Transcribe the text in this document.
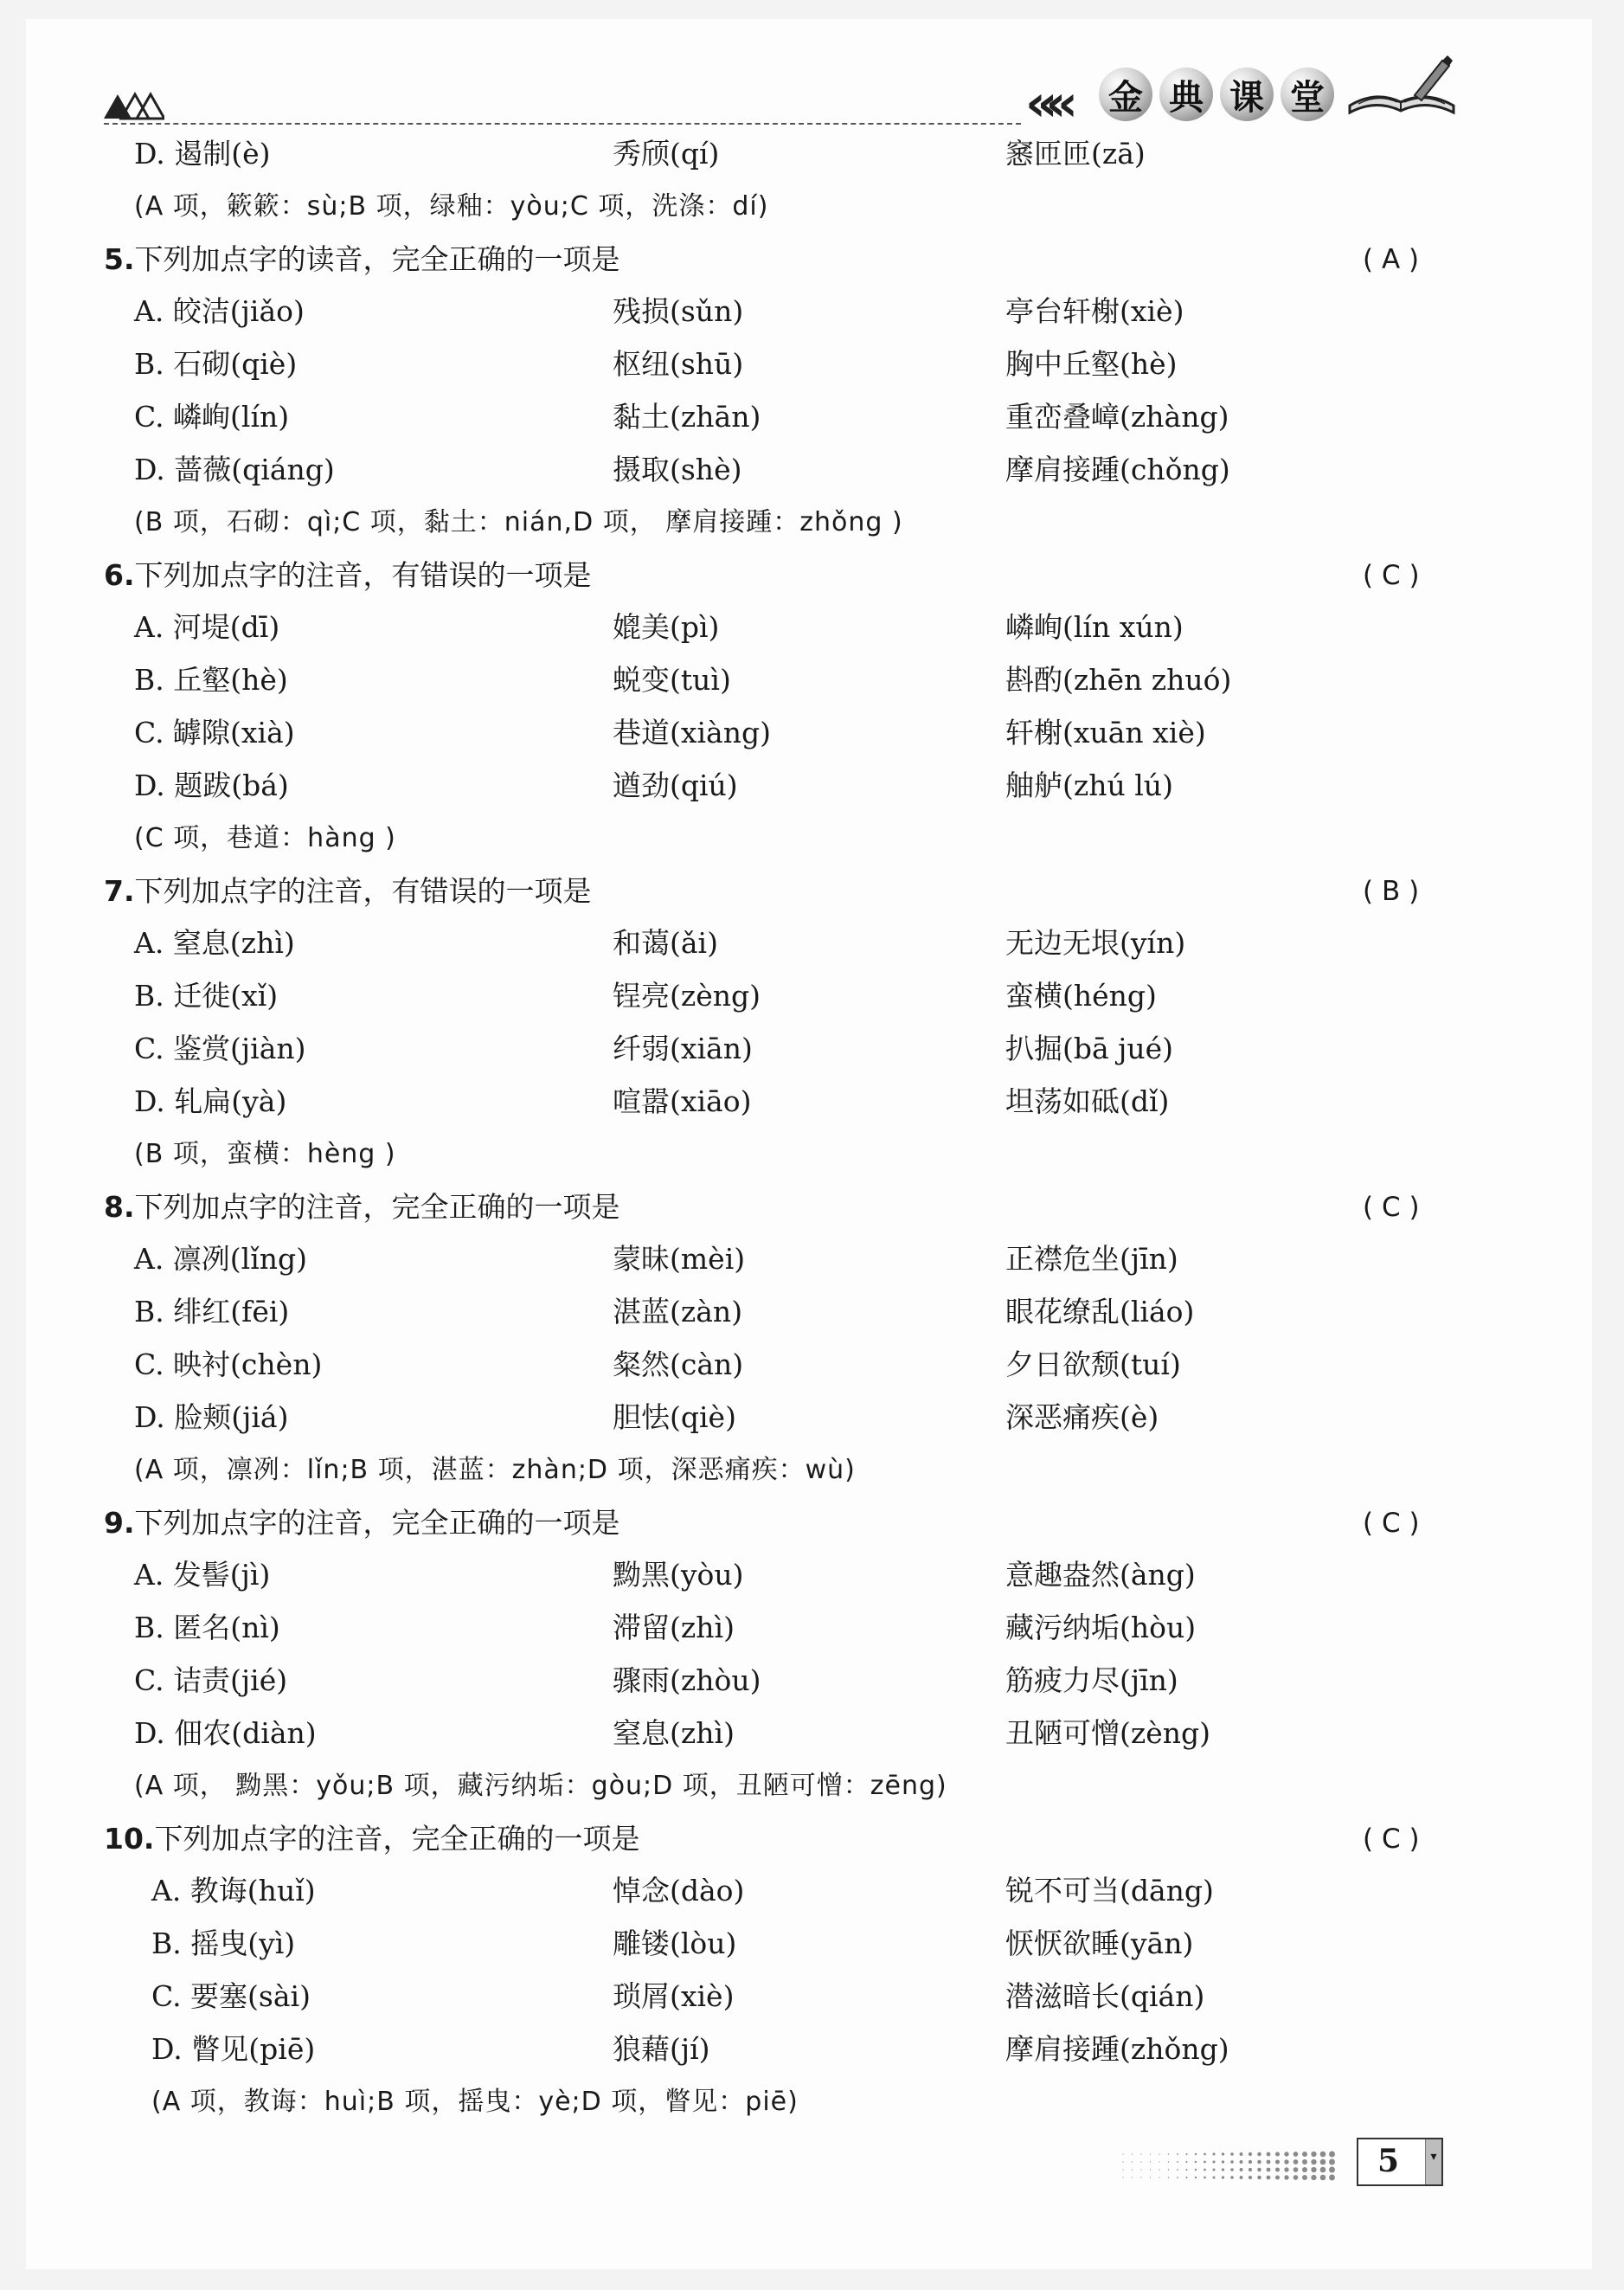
«« 金 典 课 堂
D. 遏制(è)	秀颀(qí)	窸匝匝(zā)
(A 项，簌簌：sù;B 项，绿釉：yòu;C 项，洗涤：dí)
5.下列加点字的读音，完全正确的一项是	( A )
A. 皎洁(jiǎo)	残损(sǔn)	亭台轩榭(xiè)
B. 石砌(qiè)	枢纽(shū)	胸中丘壑(hè)
C. 嶙峋(lín)	黏土(zhān)	重峦叠嶂(zhàng)
D. 蔷薇(qiáng)	摄取(shè)	摩肩接踵(chǒng)
(B 项，石砌：qì;C 项，黏土：nián,D 项， 摩肩接踵：zhǒng )
6.下列加点字的注音，有错误的一项是	( C )
A. 河堤(dī)	媲美(pì)	嶙峋(lín xún)
B. 丘壑(hè)	蜕变(tuì)	斟酌(zhēn zhuó)
C. 罅隙(xià)	巷道(xiàng)	轩榭(xuān xiè)
D. 题跋(bá)	遒劲(qiú)	舳舻(zhú lú)
(C 项，巷道：hàng )
7.下列加点字的注音，有错误的一项是	( B )
A. 窒息(zhì)	和蔼(ǎi)	无边无垠(yín)
B. 迁徙(xǐ)	锃亮(zèng)	蛮横(héng)
C. 鉴赏(jiàn)	纤弱(xiān)	扒掘(bā jué)
D. 轧扁(yà)	喧嚣(xiāo)	坦荡如砥(dǐ)
(B 项，蛮横：hèng )
8.下列加点字的注音，完全正确的一项是	( C )
A. 凛冽(lǐng)	蒙昧(mèi)	正襟危坐(jīn)
B. 绯红(fēi)	湛蓝(zàn)	眼花缭乱(liáo)
C. 映衬(chèn)	粲然(càn)	夕日欲颓(tuí)
D. 脸颊(jiá)	胆怯(qiè)	深恶痛疾(è)
(A 项，凛冽：lǐn;B 项，湛蓝：zhàn;D 项，深恶痛疾：wù)
9.下列加点字的注音，完全正确的一项是	( C )
A. 发髻(jì)	黝黑(yòu)	意趣盎然(àng)
B. 匿名(nì)	滞留(zhì)	藏污纳垢(hòu)
C. 诘责(jié)	骤雨(zhòu)	筋疲力尽(jīn)
D. 佃农(diàn)	窒息(zhì)	丑陋可憎(zèng)
(A 项， 黝黑：yǒu;B 项，藏污纳垢：gòu;D 项，丑陋可憎：zēng)
10.下列加点字的注音，完全正确的一项是	( C )
A. 教诲(huǐ)	悼念(dào)	锐不可当(dāng)
B. 摇曳(yì)	雕镂(lòu)	恹恹欲睡(yān)
C. 要塞(sài)	琐屑(xiè)	潜滋暗长(qián)
D. 瞥见(piē)	狼藉(jí)	摩肩接踵(zhǒng)
(A 项，教诲：huì;B 项，摇曳：yè;D 项，瞥见：piē)
5	▾
